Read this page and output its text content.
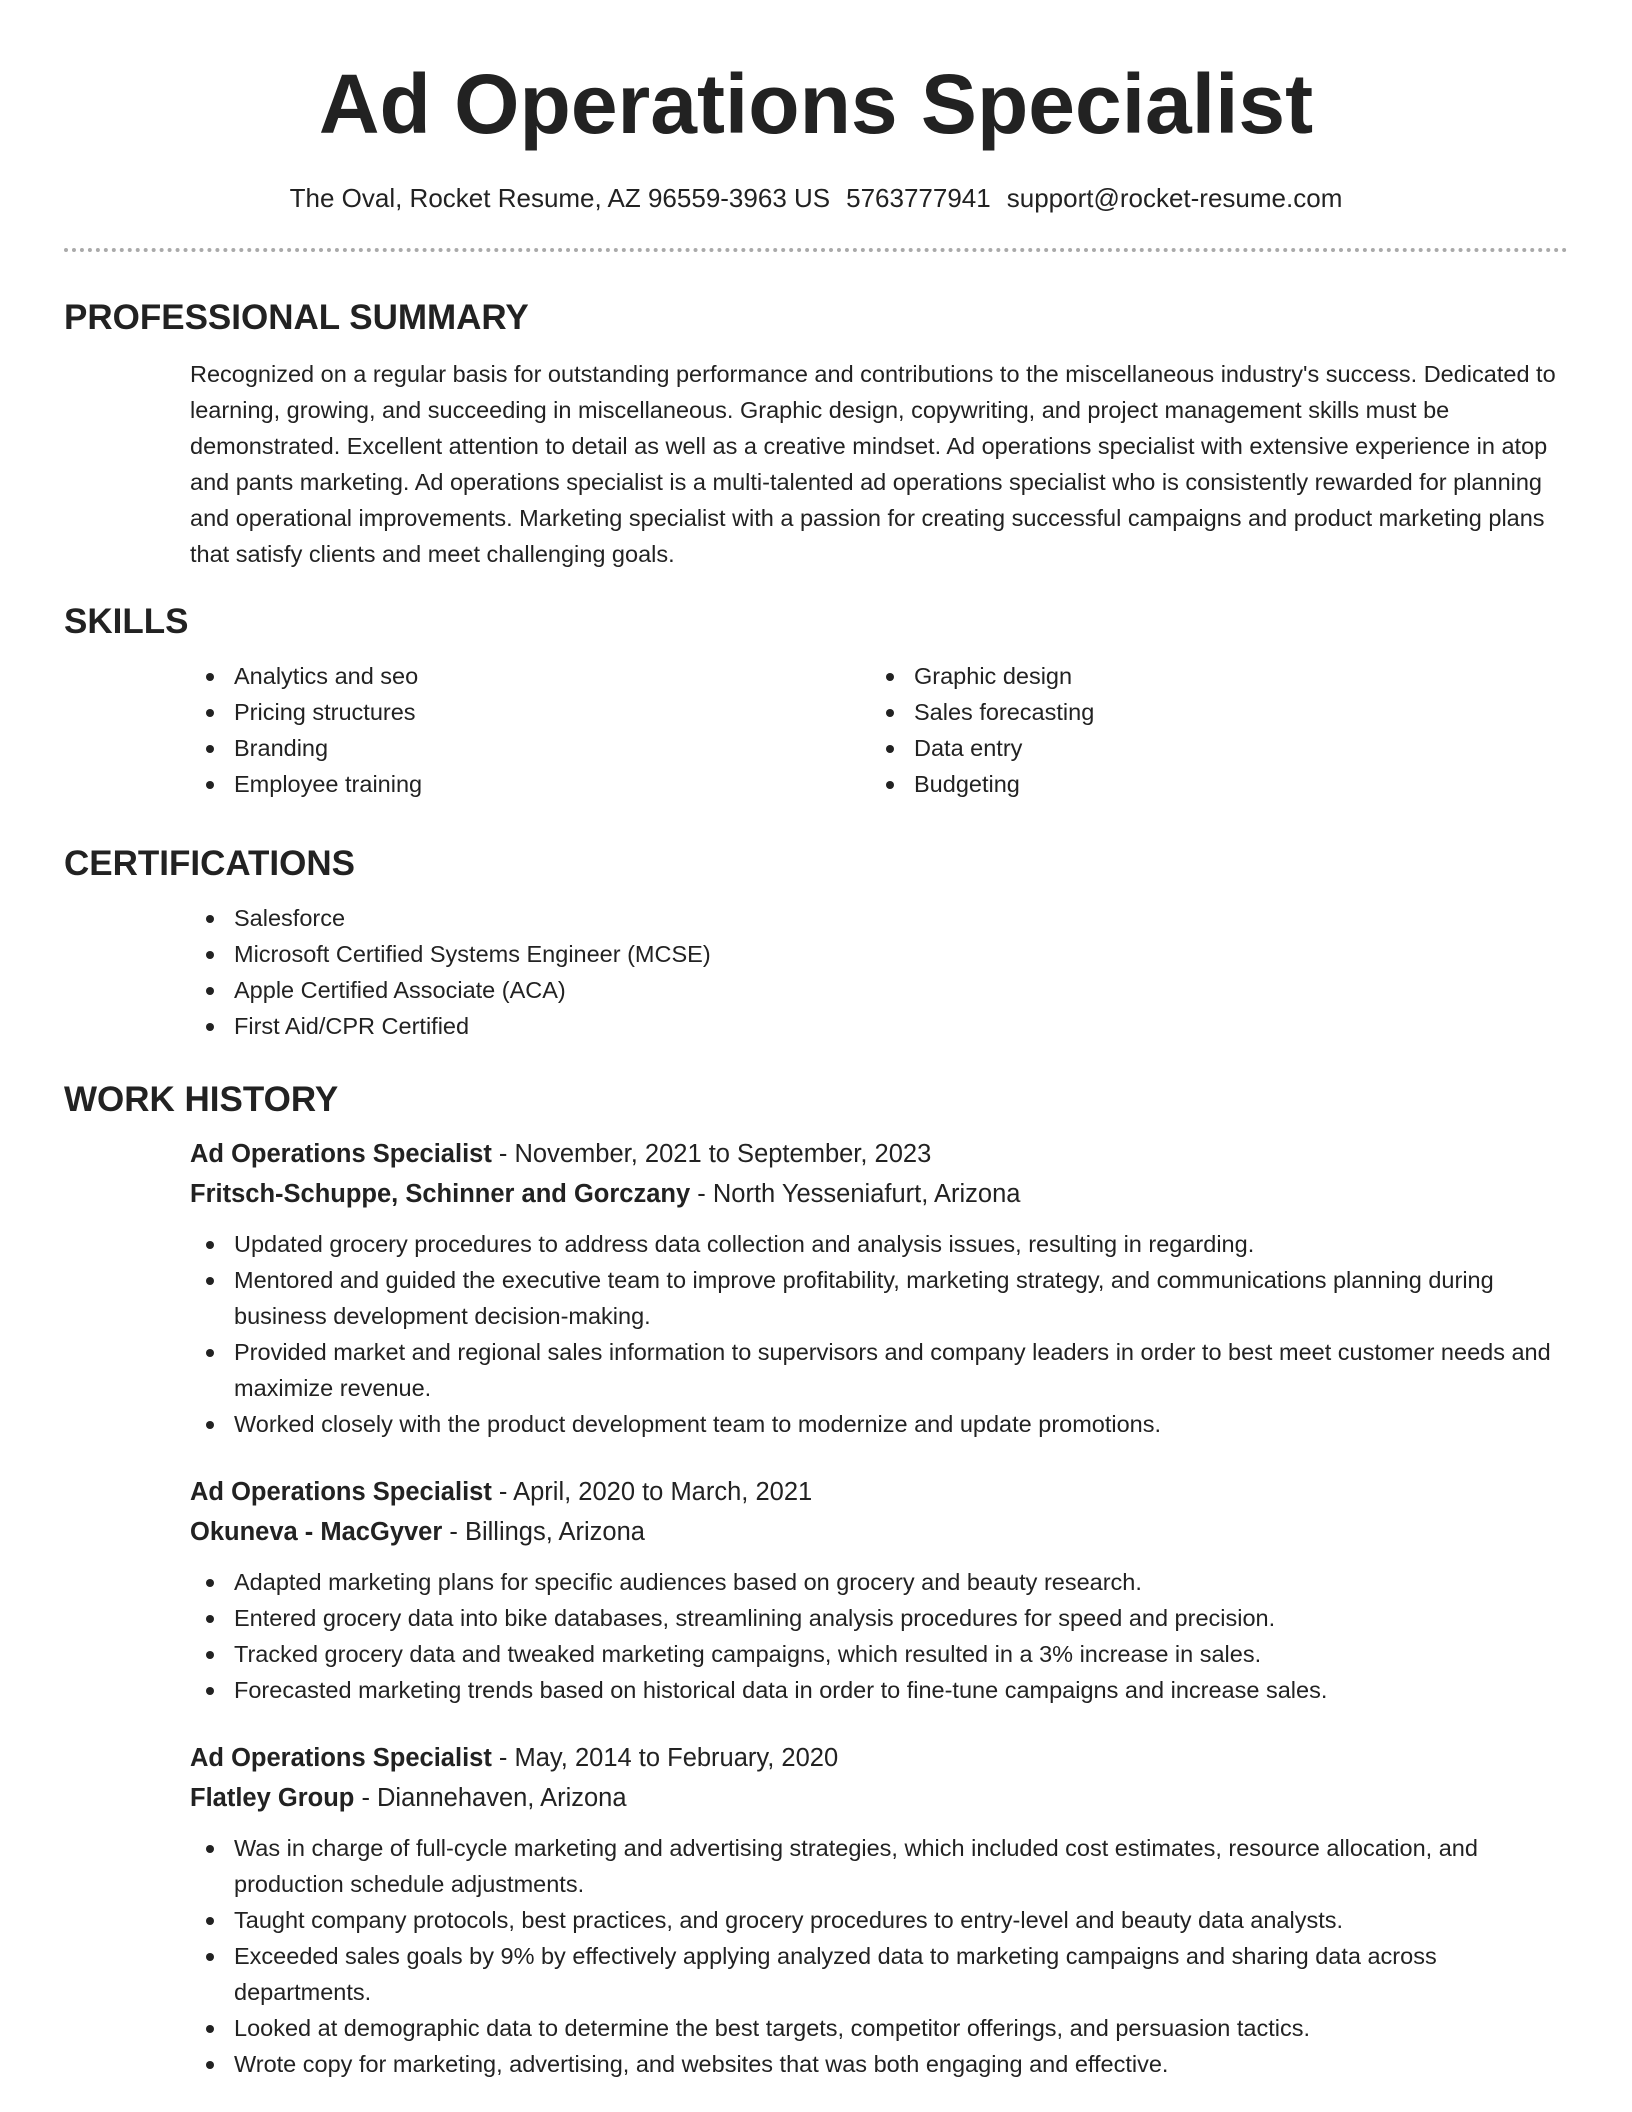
Ad Operations Specialist
The Oval, Rocket Resume, AZ 96559-3963 US 5763777941 support@rocket-resume.com
PROFESSIONAL SUMMARY
Recognized on a regular basis for outstanding performance and contributions to the miscellaneous industry's success. Dedicated to learning, growing, and succeeding in miscellaneous. Graphic design, copywriting, and project management skills must be demonstrated. Excellent attention to detail as well as a creative mindset. Ad operations specialist with extensive experience in atop and pants marketing. Ad operations specialist is a multi-talented ad operations specialist who is consistently rewarded for planning and operational improvements. Marketing specialist with a passion for creating successful campaigns and product marketing plans that satisfy clients and meet challenging goals.
SKILLS
Analytics and seo
Pricing structures
Branding
Employee training
Graphic design
Sales forecasting
Data entry
Budgeting
CERTIFICATIONS
Salesforce
Microsoft Certified Systems Engineer (MCSE)
Apple Certified Associate (ACA)
First Aid/CPR Certified
WORK HISTORY
Ad Operations Specialist - November, 2021 to September, 2023
Fritsch-Schuppe, Schinner and Gorczany - North Yesseniafurt, Arizona
Updated grocery procedures to address data collection and analysis issues, resulting in regarding.
Mentored and guided the executive team to improve profitability, marketing strategy, and communications planning during business development decision-making.
Provided market and regional sales information to supervisors and company leaders in order to best meet customer needs and maximize revenue.
Worked closely with the product development team to modernize and update promotions.
Ad Operations Specialist - April, 2020 to March, 2021
Okuneva - MacGyver - Billings, Arizona
Adapted marketing plans for specific audiences based on grocery and beauty research.
Entered grocery data into bike databases, streamlining analysis procedures for speed and precision.
Tracked grocery data and tweaked marketing campaigns, which resulted in a 3% increase in sales.
Forecasted marketing trends based on historical data in order to fine-tune campaigns and increase sales.
Ad Operations Specialist - May, 2014 to February, 2020
Flatley Group - Diannehaven, Arizona
Was in charge of full-cycle marketing and advertising strategies, which included cost estimates, resource allocation, and production schedule adjustments.
Taught company protocols, best practices, and grocery procedures to entry-level and beauty data analysts.
Exceeded sales goals by 9% by effectively applying analyzed data to marketing campaigns and sharing data across departments.
Looked at demographic data to determine the best targets, competitor offerings, and persuasion tactics.
Wrote copy for marketing, advertising, and websites that was both engaging and effective.
